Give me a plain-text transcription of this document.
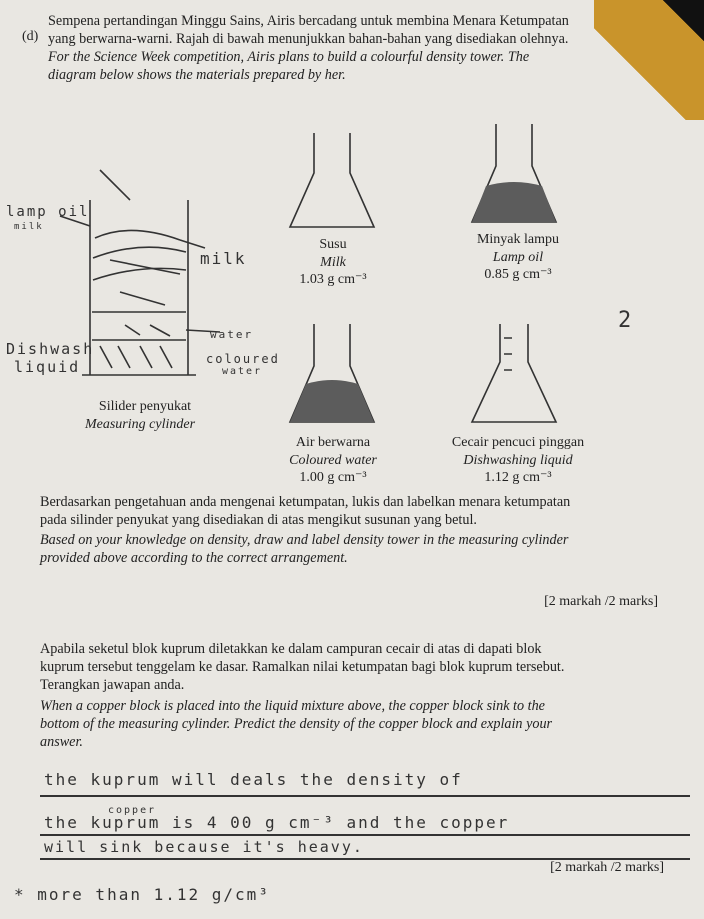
(d)
Sempena pertandingan Minggu Sains, Airis bercadang untuk membina Menara Ketumpatan
yang berwarna-warni. Rajah di bawah menunjukkan bahan-bahan yang disediakan olehnya.
For the Science Week competition, Airis plans to build a colourful density tower. The
diagram below shows the materials prepared by her.
lamp oil
milk
milk
Dishwash
liquid
water
coloured
water
Silider penyukat
Measuring cylinder
Susu
Milk
1.03 g cm⁻³
Minyak lampu
Lamp oil
0.85 g cm⁻³
Air berwarna
Coloured water
1.00 g cm⁻³
Cecair pencuci pinggan
Dishwashing liquid
1.12 g cm⁻³
2
Berdasarkan pengetahuan anda mengenai ketumpatan, lukis dan labelkan menara ketumpatan
pada silinder penyukat yang disediakan di atas mengikut susunan yang betul.
Based on your knowledge on density, draw and label density tower in the measuring cylinder
provided above according to the correct arrangement.
[2 markah /2 marks]
Apabila seketul blok kuprum diletakkan ke dalam campuran cecair di atas di dapati blok
kuprum tersebut tenggelam ke dasar. Ramalkan nilai ketumpatan bagi blok kuprum tersebut.
Terangkan jawapan anda.
When a copper block is placed into the liquid mixture above, the copper block sink to the
bottom of the measuring cylinder. Predict the density of the copper block and explain your
answer.
the kuprum will deals the density of
copper
the kuprum is 4 00 g cm⁻³ and the copper
will sink because it's heavy.
[2 markah /2 marks]
* more than 1.12 g/cm³
